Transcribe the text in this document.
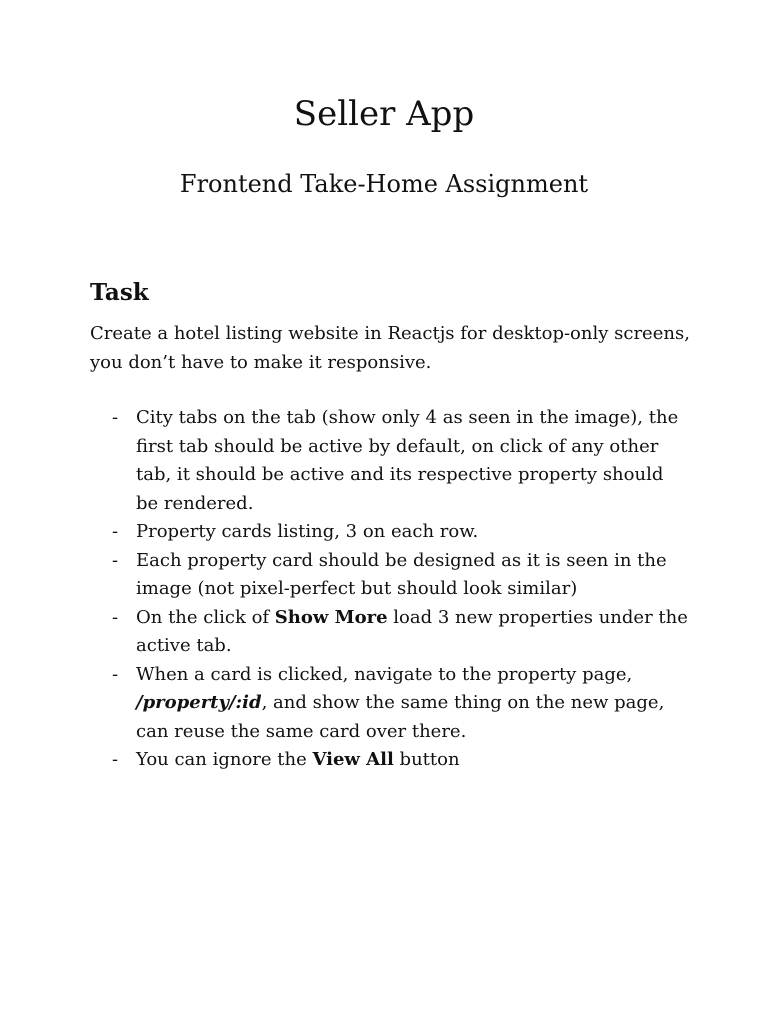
Seller App
Frontend Take-Home Assignment
Task

Create a hotel listing website in Reactjs for desktop-only screens, you don’t have to make it responsive.

- City tabs on the tab (show only 4 as seen in the image), the first tab should be active by default, on click of any other tab, it should be active and its respective property should be rendered.
- Property cards listing, 3 on each row.
- Each property card should be designed as it is seen in the image (not pixel-perfect but should look similar)
- On the click of Show More load 3 new properties under the active tab.
- When a card is clicked, navigate to the property page, /property/:id, and show the same thing on the new page, can reuse the same card over there.
- You can ignore the View All button
